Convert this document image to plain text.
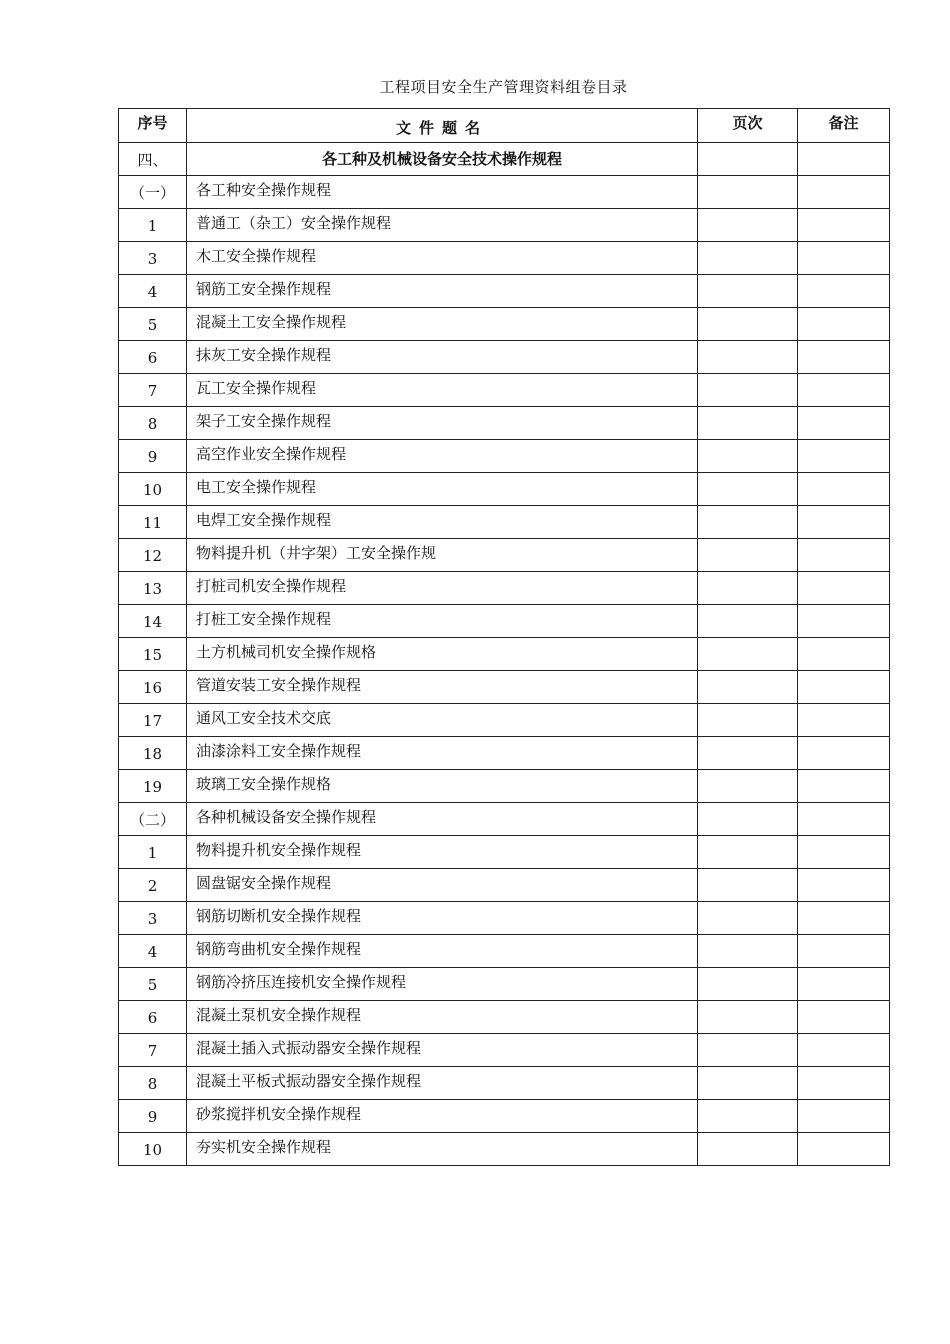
工程项目安全生产管理资料组卷目录
序号	文件题名	页次	备注
四、	各工种及机械设备安全技术操作规程		
（一）	各工种安全操作规程		
1	普通工（杂工）安全操作规程		
3	木工安全操作规程		
4	钢筋工安全操作规程		
5	混凝土工安全操作规程		
6	抹灰工安全操作规程		
7	瓦工安全操作规程		
8	架子工安全操作规程		
9	高空作业安全操作规程		
10	电工安全操作规程		
11	电焊工安全操作规程		
12	物料提升机（井字架）工安全操作规		
13	打桩司机安全操作规程		
14	打桩工安全操作规程		
15	土方机械司机安全操作规格		
16	管道安装工安全操作规程		
17	通风工安全技术交底		
18	油漆涂料工安全操作规程		
19	玻璃工安全操作规格		
（二）	各种机械设备安全操作规程		
1	物料提升机安全操作规程		
2	圆盘锯安全操作规程		
3	钢筋切断机安全操作规程		
4	钢筋弯曲机安全操作规程		
5	钢筋冷挤压连接机安全操作规程		
6	混凝土泵机安全操作规程		
7	混凝土插入式振动器安全操作规程		
8	混凝土平板式振动器安全操作规程		
9	砂浆搅拌机安全操作规程		
10	夯实机安全操作规程		
